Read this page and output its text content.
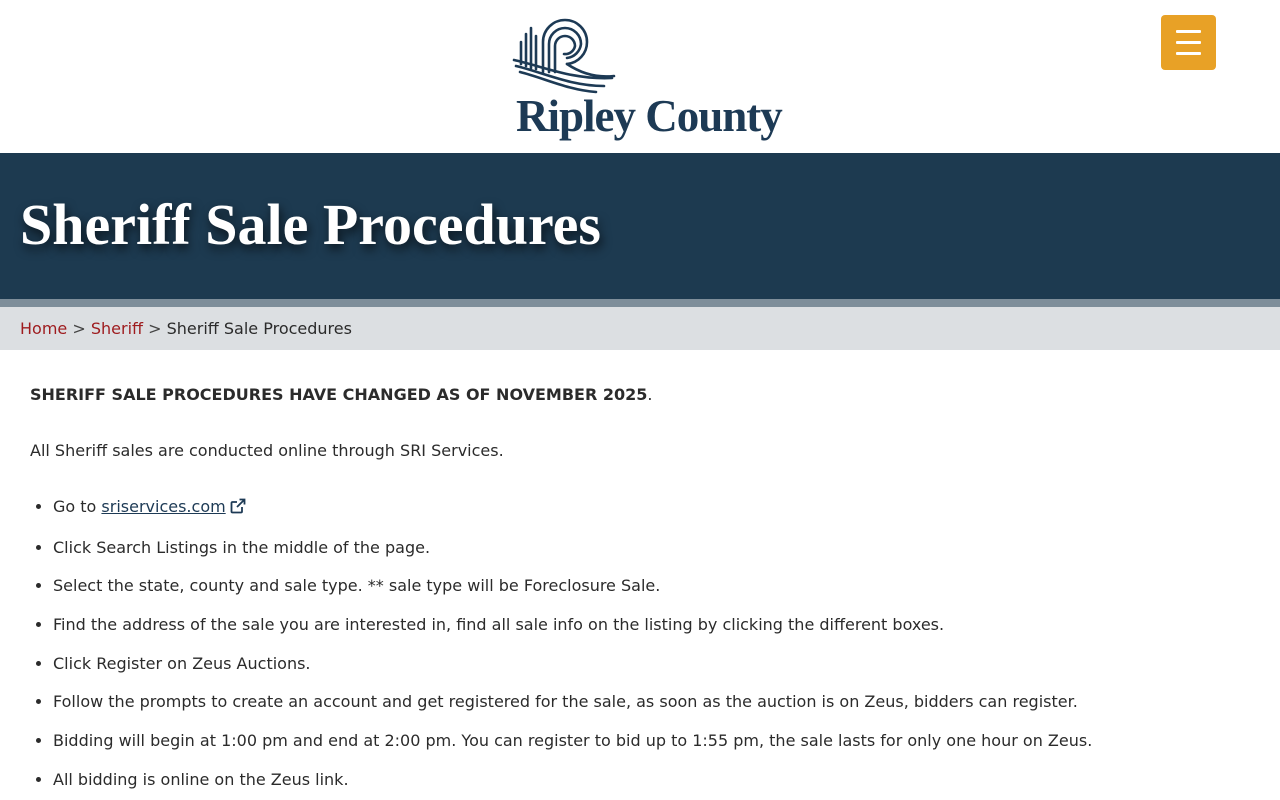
Ripley County
Sheriff Sale Procedures
Home > Sheriff > Sheriff Sale Procedures

SHERIFF SALE PROCEDURES HAVE CHANGED AS OF NOVEMBER 2025.

All Sheriff sales are conducted online through SRI Services.

• Go to sriservices.com
• Click Search Listings in the middle of the page.
• Select the state, county and sale type. ** sale type will be Foreclosure Sale.
• Find the address of the sale you are interested in, find all sale info on the listing by clicking the different boxes.
• Click Register on Zeus Auctions.
• Follow the prompts to create an account and get registered for the sale, as soon as the auction is on Zeus, bidders can register.
• Bidding will begin at 1:00 pm and end at 2:00 pm. You can register to bid up to 1:55 pm, the sale lasts for only one hour on Zeus.
• All bidding is online on the Zeus link.
